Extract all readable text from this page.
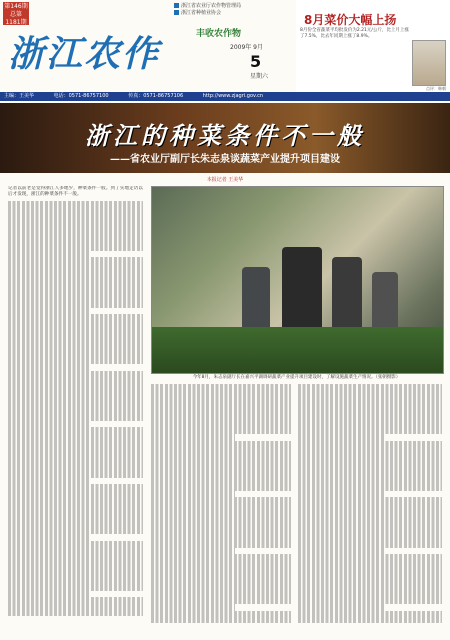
第146期 总第1181期
浙江省农业厅农作物管理局
浙江省种植业协会
浙江农作	丰收农作物
2009年 9月
5
星期六
8月菜价大幅上扬
8月份全省蔬菜平均批发价为2.21元/公斤，比上月上涨了7.5%，比去年同期上涨了8.9%。
点评：韩朝
主编：王美华	电话：0571-86757100	传真：0571-86757106	http://www.zjagri.gov.cn
浙江的种菜条件不一般
——省农业厅副厅长朱志泉谈蔬菜产业提升项目建设
本报记者 王美华

记者以前老是觉得浙江人多地少，种菜条件一般。到了实地走访以后才发现，浙江的种菜条件不一般。

今年8月，朱志泉副厅长在嘉兴平湖调研蔬菜产业提升项目建设时，了解设施蔬菜生产情况。（张朝摄影）
